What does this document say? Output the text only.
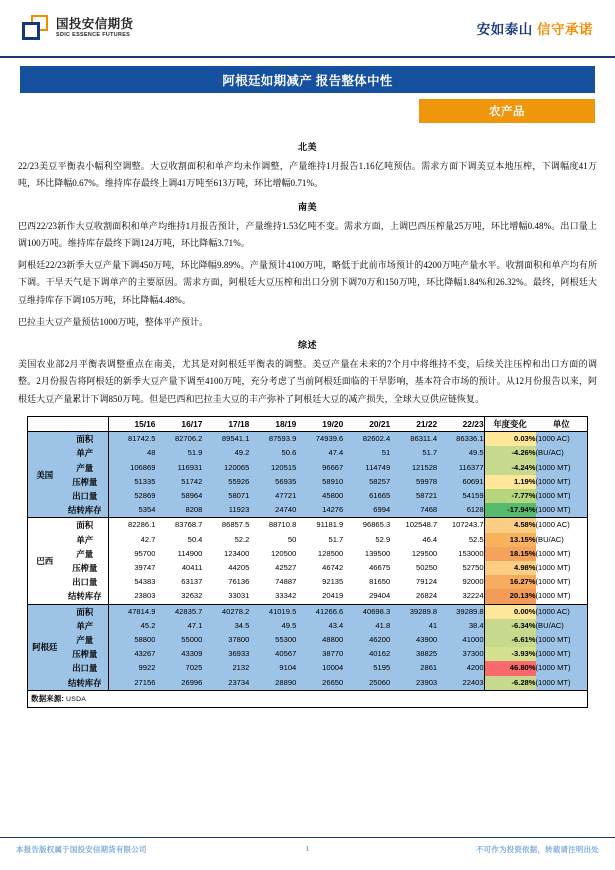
国投安信期货
SDIC ESSENCE FUTURES	安如泰山 信守承诺
阿根廷如期减产 报告整体中性
农产品
北美

22/23美豆平衡表小幅利空调整。大豆收割面积和单产均未作调整，产量维持1月报告1.16亿吨预估。需求方面下调美豆本地压榨，下调幅度41万吨，环比降幅0.67%。维持库存最终上调41万吨至613万吨，环比增幅0.71%。

南美

巴西22/23新作大豆收割面积和单产均维持1月报告预计，产量维持1.53亿吨不变。需求方面，上调巴西压榨量25万吨，环比增幅0.48%。出口量上调100万吨。维持库存最终下调124万吨，环比降幅3.71%。

阿根廷22/23新季大豆产量下调450万吨，环比降幅9.89%。产量预计4100万吨，略低于此前市场预计的4200万吨产量水平。收割面积和单产均有所下调。干旱天气是下调单产的主要原因。需求方面，阿根廷大豆压榨和出口分别下调70万和150万吨，环比降幅1.84%和26.32%。最终，阿根廷大豆维持库存下调105万吨，环比降幅4.48%。

巴拉圭大豆产量预估1000万吨，整体平产预计。

综述

美国农业部2月平衡表调整重点在南美，尤其是对阿根廷平衡表的调整。美豆产量在未来的7个月中将维持不变，后续关注压榨和出口方面的调整。2月份报告将阿根廷的新季大豆产量下调至4100万吨，充分考虑了当前阿根廷面临的干旱影响，基本符合市场的预计。从12月份报告以来，阿根廷大豆产量累计下调850万吨。但是巴西和巴拉圭大豆的丰产弥补了阿根廷大豆的减产损失，全球大豆供应链恢复。

		15/16	16/17	17/18	18/19	19/20	20/21	21/22	22/23	年度变化	单位
美国	面积	81742.5	82706.2	89541.1	87593.9	74939.6	82602.4	86311.4	86336.1	0.03%	(1000 AC)
	单产	48	51.9	49.2	50.6	47.4	51	51.7	49.5	-4.26%	(BU/AC)
	产量	106869	116931	120065	120515	96667	114749	121528	116377	-4.24%	(1000 MT)
	压榨量	51335	51742	55926	56935	58910	58257	59978	60691	1.19%	(1000 MT)
	出口量	52869	58964	58071	47721	45800	61665	58721	54159	-7.77%	(1000 MT)
	结转库存	5354	8208	11923	24740	14276	6994	7468	6128	-17.94%	(1000 MT)
巴西	面积	82286.1	83768.7	86857.5	88710.8	91181.9	96865.3	102548.7	107243.7	4.58%	(1000 AC)
	单产	42.7	50.4	52.2	50	51.7	52.9	46.4	52.5	13.15%	(BU/AC)
	产量	95700	114900	123400	120500	128500	139500	129500	153000	18.15%	(1000 MT)
	压榨量	39747	40411	44205	42527	46742	46675	50250	52750	4.98%	(1000 MT)
	出口量	54383	63137	76136	74887	92135	81650	79124	92000	16.27%	(1000 MT)
	结转库存	23803	32632	33031	33342	20419	29404	26824	32224	20.13%	(1000 MT)
阿根廷	面积	47814.9	42835.7	40278.2	41019.5	41266.6	40698.3	39289.8	39289.8	0.00%	(1000 AC)
	单产	45.2	47.1	34.5	49.5	43.4	41.8	41	38.4	-6.34%	(BU/AC)
	产量	58800	55000	37800	55300	48800	46200	43900	41000	-6.61%	(1000 MT)
	压榨量	43267	43309	36933	40567	38770	40162	38825	37300	-3.93%	(1000 MT)
	出口量	9922	7025	2132	9104	10004	5195	2861	4200	46.80%	(1000 MT)
	结转库存	27156	26996	23734	28890	26650	25060	23903	22403	-6.28%	(1000 MT)
数据来源: USDA
本报告版权属于国投安信期货有限公司	1	不可作为投资依据，转载请注明出处
